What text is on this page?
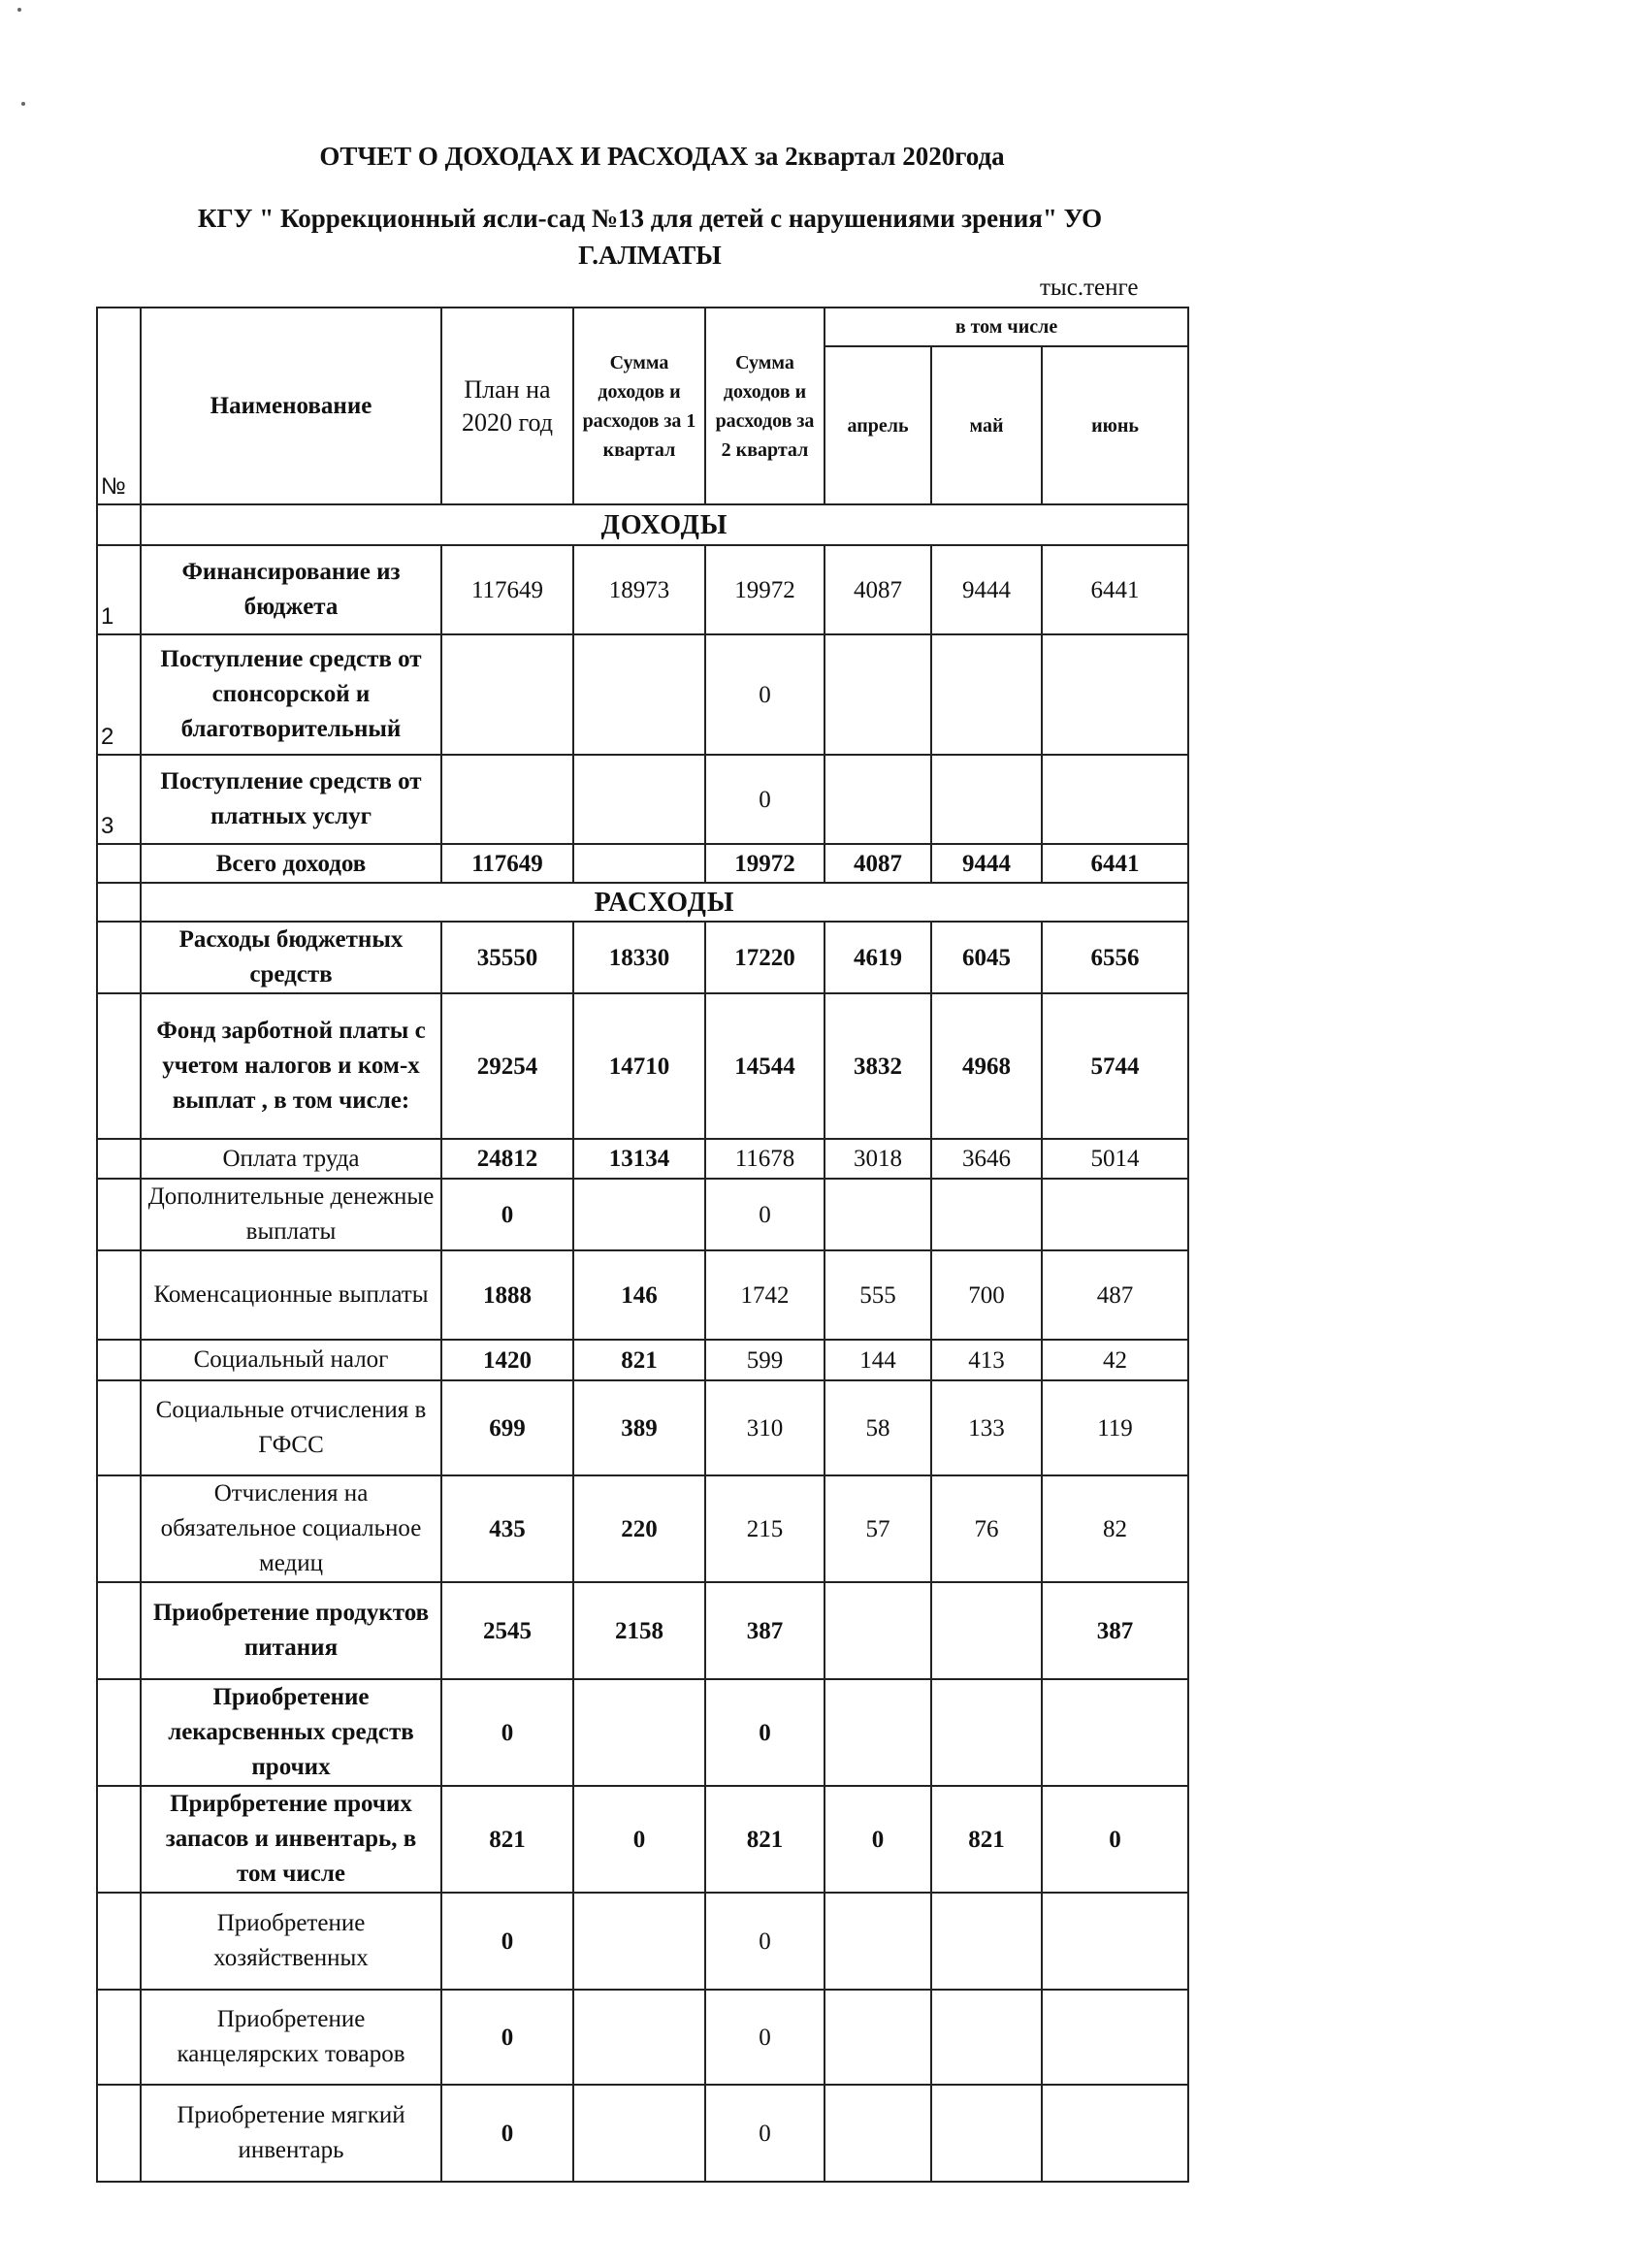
ОТЧЕТ О ДОХОДАХ И РАСХОДАХ за 2квартал 2020года
КГУ " Коррекционный ясли-сад №13 для детей с нарушениями зрения" УО
Г.АЛМАТЫ
тыс.тенге
№	Наименование	План на 2020 год	Сумма доходов и расходов за 1 квартал	Сумма доходов и расходов за 2 квартал	в том числе		
					апрель	май	июнь
	ДОХОДЫ						
1	Финансирование из бюджета	117649	18973	19972	4087	9444	6441
2	Поступление средств от спонсорской и благотворительный			0			
3	Поступление средств от платных услуг			0			
	Всего доходов	117649		19972	4087	9444	6441
	РАСХОДЫ						
	Расходы бюджетных средств	35550	18330	17220	4619	6045	6556
	Фонд зарботной платы с учетом налогов и ком-х выплат , в том числе:	29254	14710	14544	3832	4968	5744
	Оплата труда	24812	13134	11678	3018	3646	5014
	Дополнительные денежные выплаты	0		0			
	Коменсационные выплаты	1888	146	1742	555	700	487
	Социальный налог	1420	821	599	144	413	42
	Социальные отчисления в ГФСС	699	389	310	58	133	119
	Отчисления на обязательное социальное медиц	435	220	215	57	76	82
	Приобретение продуктов питания	2545	2158	387			387
	Приобретение лекарсвенных средств прочих	0		0			
	Прирбретение прочих запасов и инвентарь, в том числе	821	0	821	0	821	0
	Приобретение хозяйственных	0		0			
	Приобретение канцелярских товаров	0		0			
	Приобретение мягкий инвентарь	0		0			
